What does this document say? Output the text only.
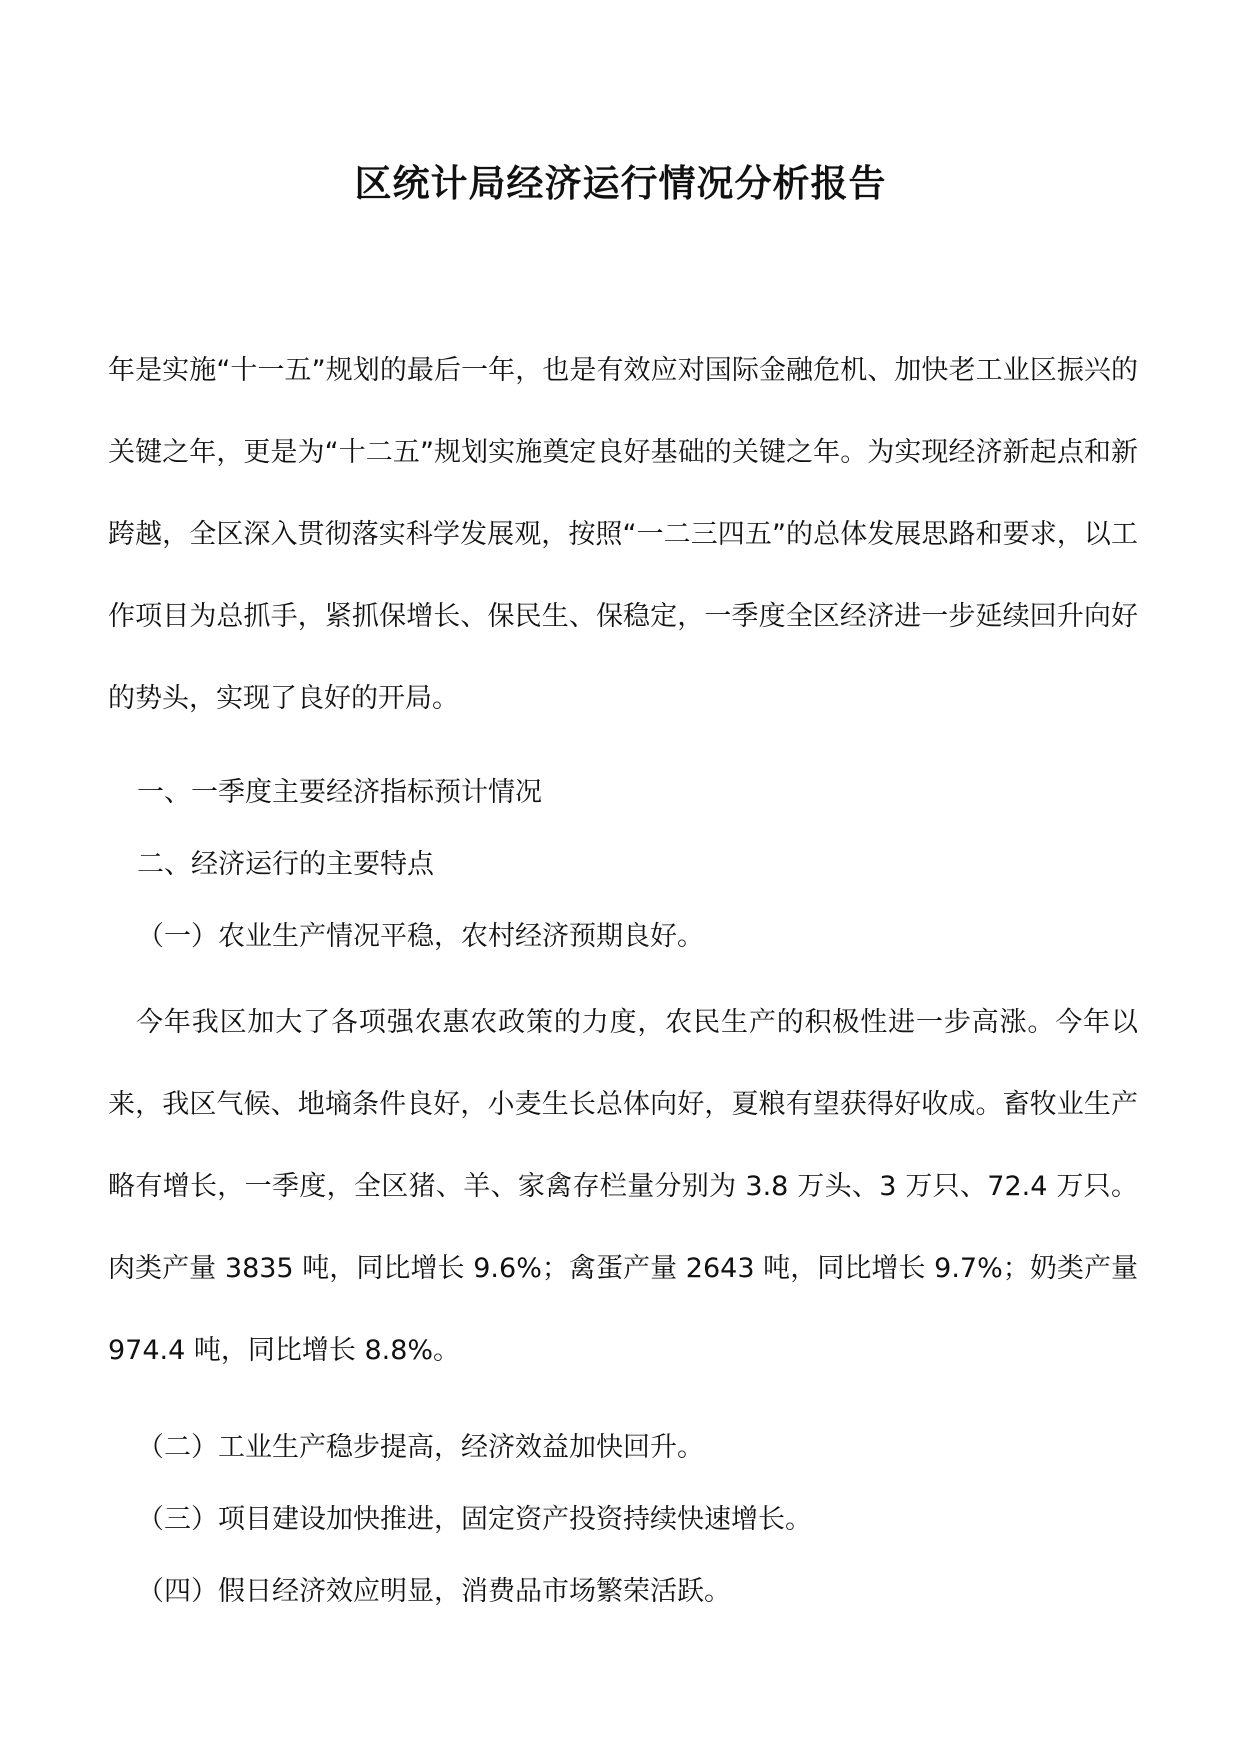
区统计局经济运行情况分析报告

年是实施“十一五”规划的最后一年，也是有效应对国际金融危机、加快老工业区振兴的关键之年，更是为“十二五”规划实施奠定良好基础的关键之年。为实现经济新起点和新跨越，全区深入贯彻落实科学发展观，按照“一二三四五”的总体发展思路和要求，以工作项目为总抓手，紧抓保增长、保民生、保稳定，一季度全区经济进一步延续回升向好的势头，实现了良好的开局。

一、一季度主要经济指标预计情况

二、经济运行的主要特点

（一）农业生产情况平稳，农村经济预期良好。

今年我区加大了各项强农惠农政策的力度，农民生产的积极性进一步高涨。今年以来，我区气候、地墒条件良好，小麦生长总体向好，夏粮有望获得好收成。畜牧业生产略有增长，一季度，全区猪、羊、家禽存栏量分别为 3.8 万头、3 万只、72.4 万只。肉类产量 3835 吨，同比增长 9.6%；禽蛋产量 2643 吨，同比增长 9.7%；奶类产量 974.4 吨，同比增长 8.8%。

（二）工业生产稳步提高，经济效益加快回升。

（三）项目建设加快推进，固定资产投资持续快速增长。

（四）假日经济效应明显，消费品市场繁荣活跃。
